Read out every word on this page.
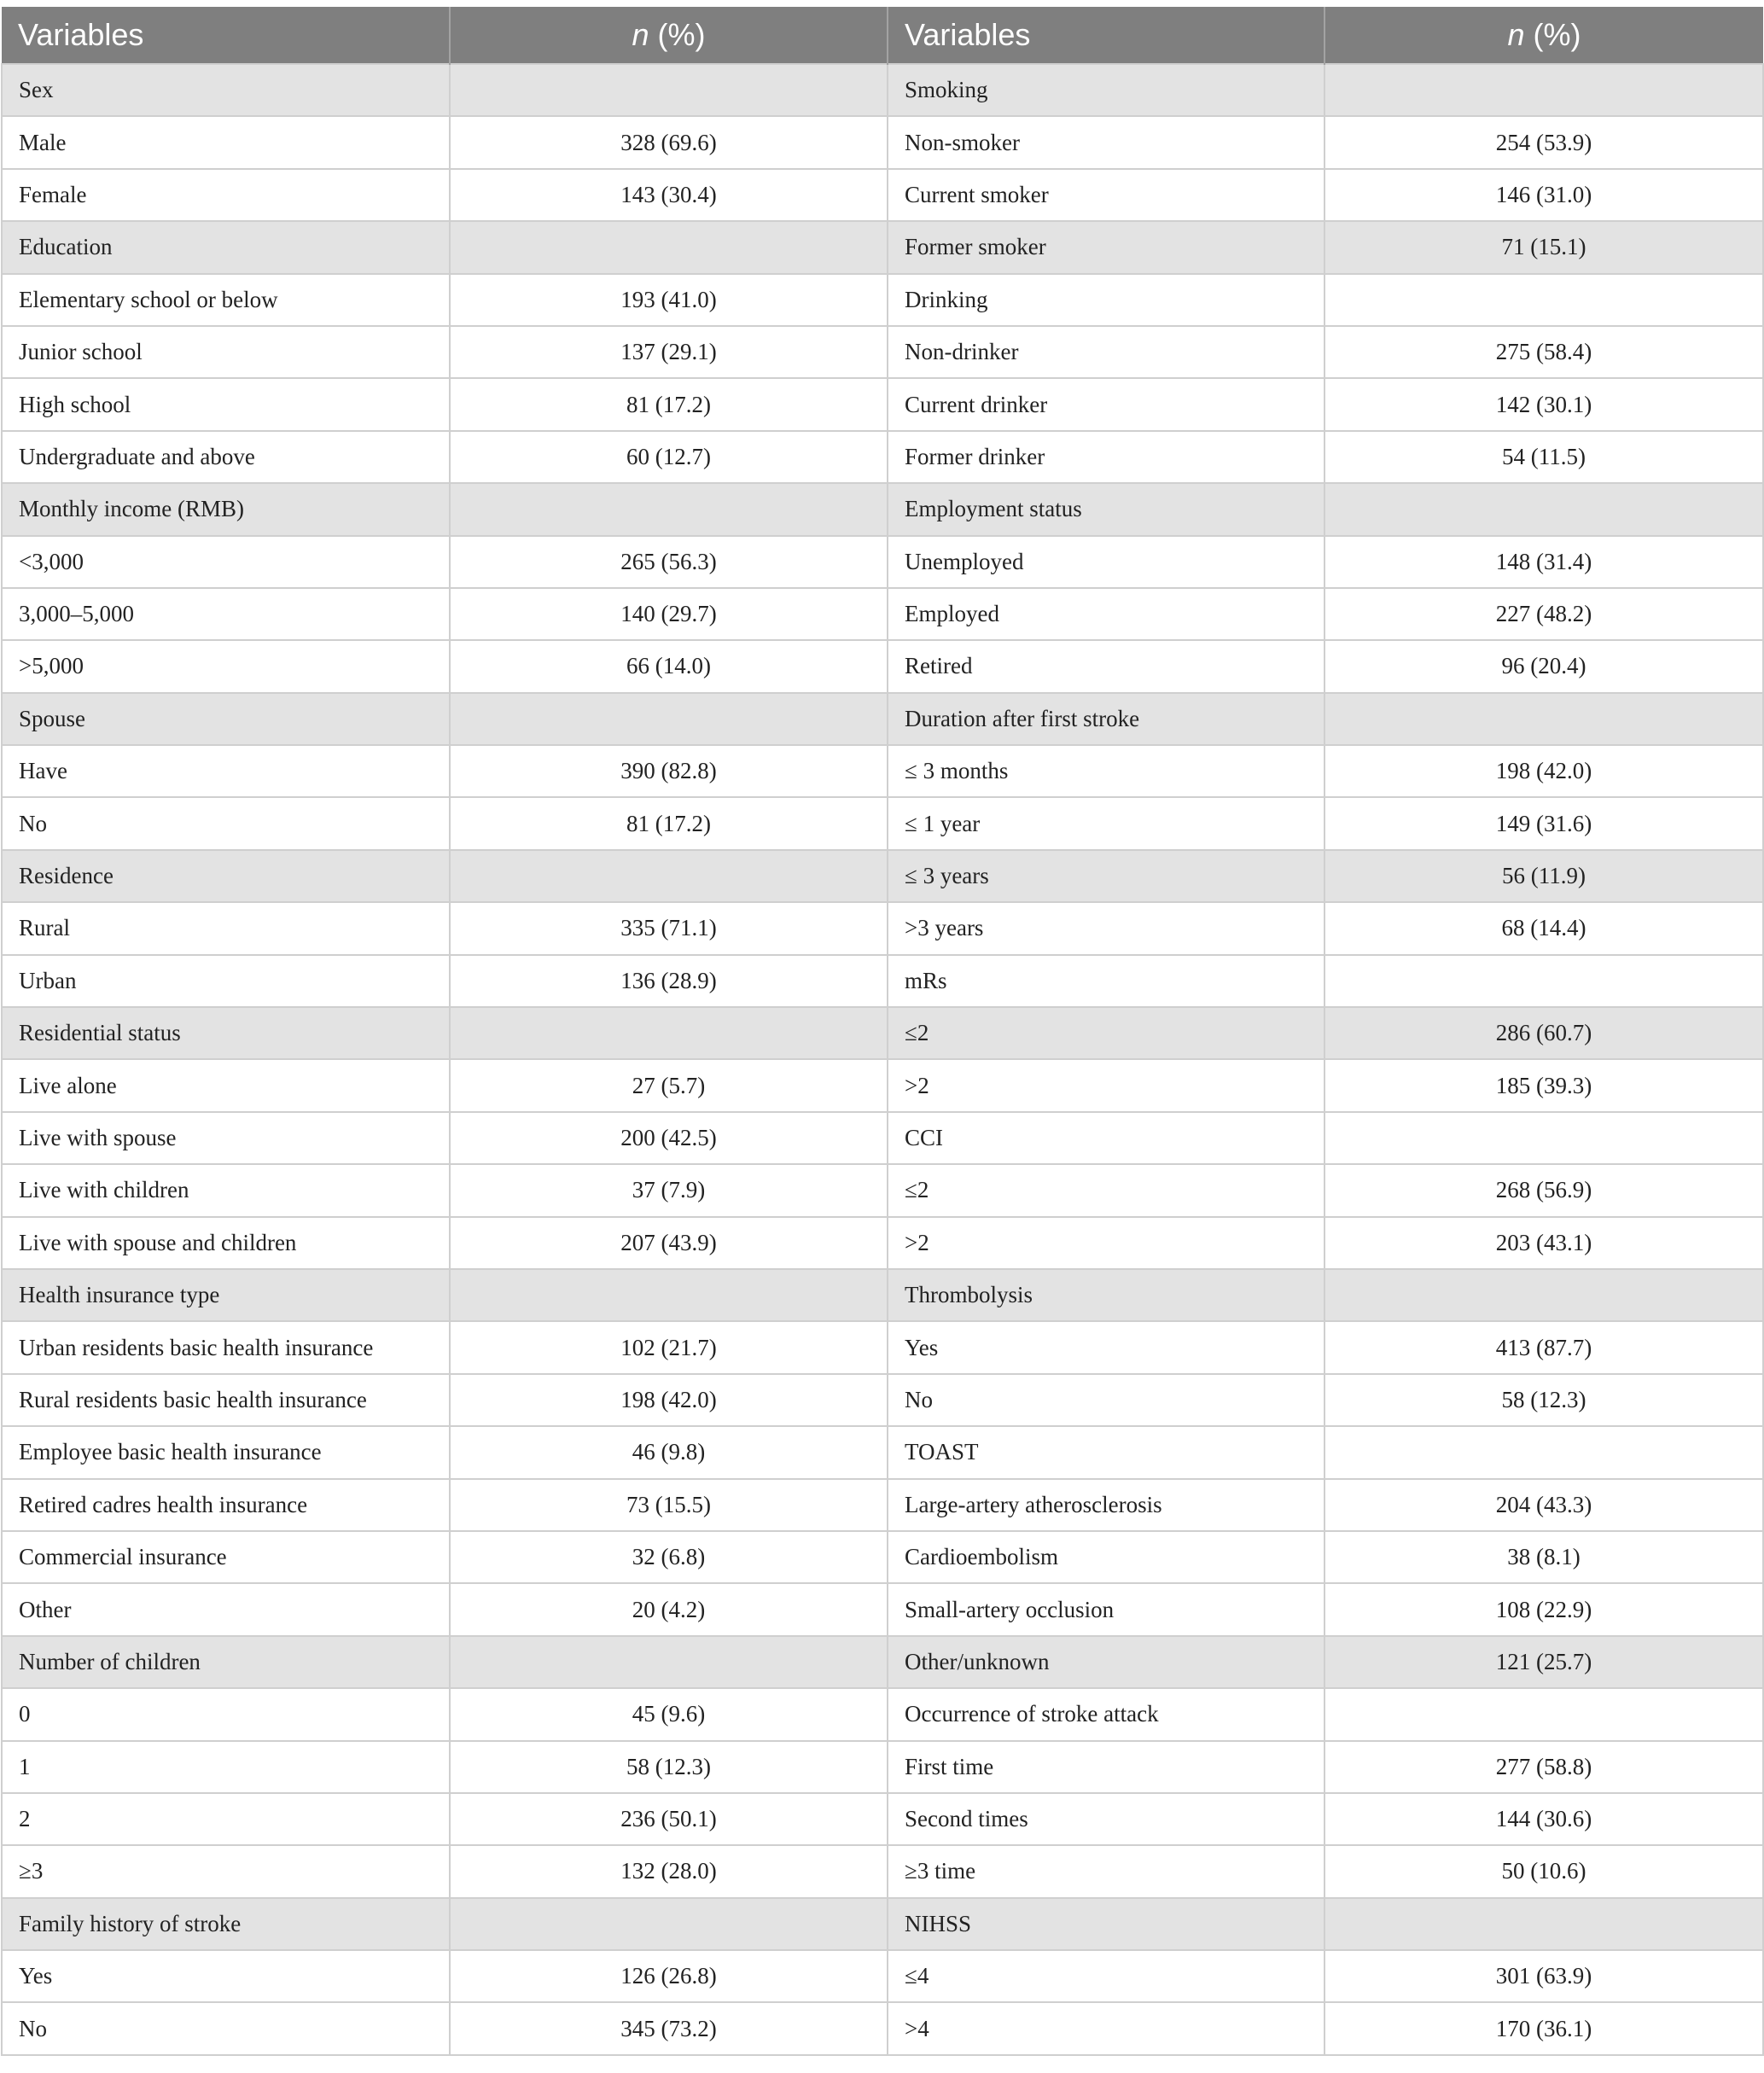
Variables	n (%)	Variables	n (%)
Sex		Smoking	
Male	328 (69.6)	Non-smoker	254 (53.9)
Female	143 (30.4)	Current smoker	146 (31.0)
Education		Former smoker	71 (15.1)
Elementary school or below	193 (41.0)	Drinking	
Junior school	137 (29.1)	Non-drinker	275 (58.4)
High school	81 (17.2)	Current drinker	142 (30.1)
Undergraduate and above	60 (12.7)	Former drinker	54 (11.5)
Monthly income (RMB)		Employment status	
<3,000	265 (56.3)	Unemployed	148 (31.4)
3,000–5,000	140 (29.7)	Employed	227 (48.2)
>5,000	66 (14.0)	Retired	96 (20.4)
Spouse		Duration after first stroke	
Have	390 (82.8)	≤ 3 months	198 (42.0)
No	81 (17.2)	≤ 1 year	149 (31.6)
Residence		≤ 3 years	56 (11.9)
Rural	335 (71.1)	>3 years	68 (14.4)
Urban	136 (28.9)	mRs	
Residential status		≤2	286 (60.7)
Live alone	27 (5.7)	>2	185 (39.3)
Live with spouse	200 (42.5)	CCI	
Live with children	37 (7.9)	≤2	268 (56.9)
Live with spouse and children	207 (43.9)	>2	203 (43.1)
Health insurance type		Thrombolysis	
Urban residents basic health insurance	102 (21.7)	Yes	413 (87.7)
Rural residents basic health insurance	198 (42.0)	No	58 (12.3)
Employee basic health insurance	46 (9.8)	TOAST	
Retired cadres health insurance	73 (15.5)	Large-artery atherosclerosis	204 (43.3)
Commercial insurance	32 (6.8)	Cardioembolism	38 (8.1)
Other	20 (4.2)	Small-artery occlusion	108 (22.9)
Number of children		Other/unknown	121 (25.7)
0	45 (9.6)	Occurrence of stroke attack	
1	58 (12.3)	First time	277 (58.8)
2	236 (50.1)	Second times	144 (30.6)
≥3	132 (28.0)	≥3 time	50 (10.6)
Family history of stroke		NIHSS	
Yes	126 (26.8)	≤4	301 (63.9)
No	345 (73.2)	>4	170 (36.1)
